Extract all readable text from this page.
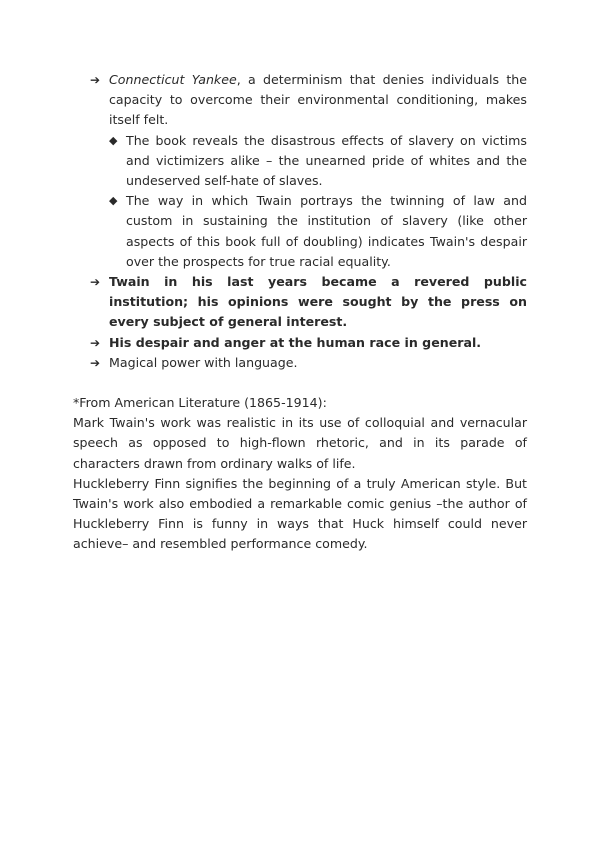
➔ Connecticut Yankee, a determinism that denies individuals the capacity to overcome their environmental conditioning, makes itself felt.
◆ The book reveals the disastrous effects of slavery on victims and victimizers alike – the unearned pride of whites and the undeserved self-hate of slaves.
◆ The way in which Twain portrays the twinning of law and custom in sustaining the institution of slavery (like other aspects of this book full of doubling) indicates Twain's despair over the prospects for true racial equality.
➔ Twain in his last years became a revered public institution; his opinions were sought by the press on every subject of general interest.
➔ His despair and anger at the human race in general.
➔ Magical power with language.

*From American Literature (1865-1914):

Mark Twain's work was realistic in its use of colloquial and vernacular speech as opposed to high-flown rhetoric, and in its parade of characters drawn from ordinary walks of life.

Huckleberry Finn signifies the beginning of a truly American style. But Twain's work also embodied a remarkable comic genius –the author of Huckleberry Finn is funny in ways that Huck himself could never achieve– and resembled performance comedy.
